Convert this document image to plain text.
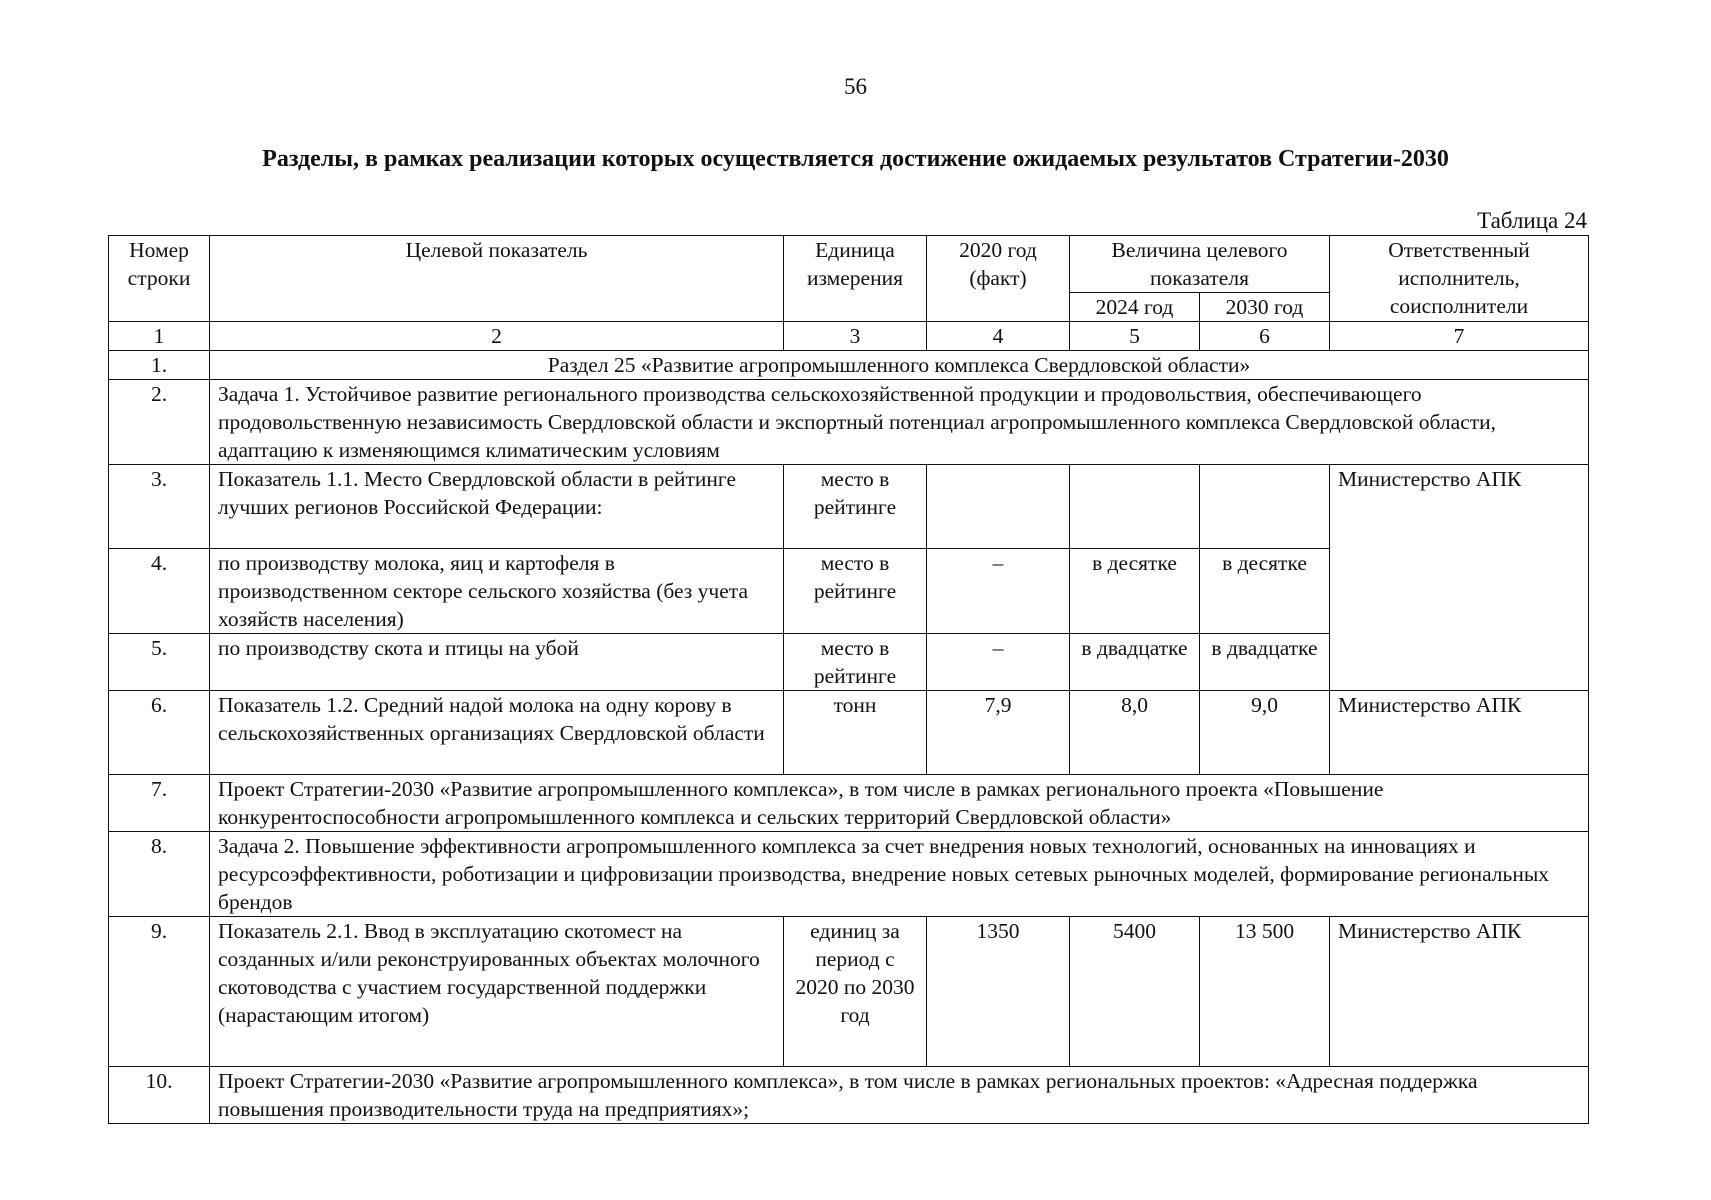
56
Разделы, в рамках реализации которых осуществляется достижение ожидаемых результатов Стратегии-2030
Таблица 24
Номер строки	Целевой показатель	Единица измерения	2020 год (факт)	Величина целевого показателя		Ответственный исполнитель, соисполнители
				2024 год	2030 год	
1	2	3	4	5	6	7
1.	Раздел 25 «Развитие агропромышленного комплекса Свердловской области»					
2.	Задача 1. Устойчивое развитие регионального производства сельскохозяйственной продукции и продовольствия, обеспечивающего продовольственную независимость Свердловской области и экспортный потенциал агропромышленного комплекса Свердловской области, адаптацию к изменяющимся климатическим условиям					
3.	Показатель 1.1. Место Свердловской области в рейтинге лучших регионов Российской Федерации:	место в рейтинге				Министерство АПК
4.	по производству молока, яиц и картофеля в производственном секторе сельского хозяйства (без учета хозяйств населения)	место в рейтинге	–	в десятке	в десятке	
5.	по производству скота и птицы на убой	место в рейтинге	–	в двадцатке	в двадцатке	
6.	Показатель 1.2. Средний надой молока на одну корову в сельскохозяйственных организациях Свердловской области	тонн	7,9	8,0	9,0	Министерство АПК
7.	Проект Стратегии-2030 «Развитие агропромышленного комплекса», в том числе в рамках регионального проекта «Повышение конкурентоспособности агропромышленного комплекса и сельских территорий Свердловской области»					
8.	Задача 2. Повышение эффективности агропромышленного комплекса за счет внедрения новых технологий, основанных на инновациях и ресурсоэффективности, роботизации и цифровизации производства, внедрение новых сетевых рыночных моделей, формирование региональных брендов					
9.	Показатель 2.1. Ввод в эксплуатацию скотомест на созданных и/или реконструированных объектах молочного скотоводства с участием государственной поддержки (нарастающим итогом)	единиц за период с 2020 по 2030 год	1350	5400	13 500	Министерство АПК
10.	Проект Стратегии-2030 «Развитие агропромышленного комплекса», в том числе в рамках региональных проектов: «Адресная поддержка повышения производительности труда на предприятиях»;					
